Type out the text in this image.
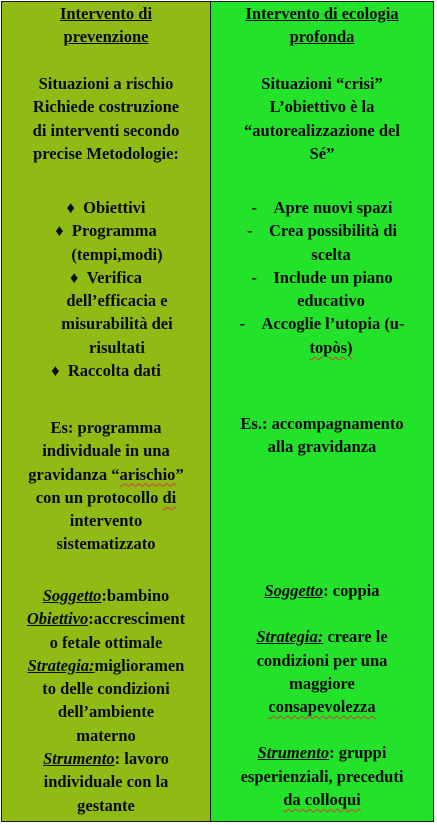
Intervento di

prevenzione

Situazioni a rischio

Richiede costruzione

di interventi secondo

precise Metodologie:

♦ Obiettivi

♦ Programma

(tempi,modi)

♦ Verifica

dell’efficacia e

misurabilità dei

risultati

♦ Raccolta dati

Es: programma

individuale in una

gravidanza “arischio”

con un protocollo di

intervento

sistematizzato

Soggetto:bambino

Obiettivo:accresciment

o fetale ottimale

Strategia:miglioramen

to delle condizioni

dell’ambiente

materno

Strumento: lavoro

individuale con la

gestante

Intervento di ecologia

profonda

Situazioni “crisi”

L’obiettivo è la

“autorealizzazione del

Sé”

- Apre nuovi spazi

- Crea possibilità di

scelta

- Include un piano

educativo

- Accoglie l’utopia (u-

topòs)

Es.: accompagnamento

alla gravidanza

Soggetto: coppia

Strategia: creare le

condizioni per una

maggiore

consapevolezza

Strumento: gruppi

esperienziali, preceduti

da colloqui
